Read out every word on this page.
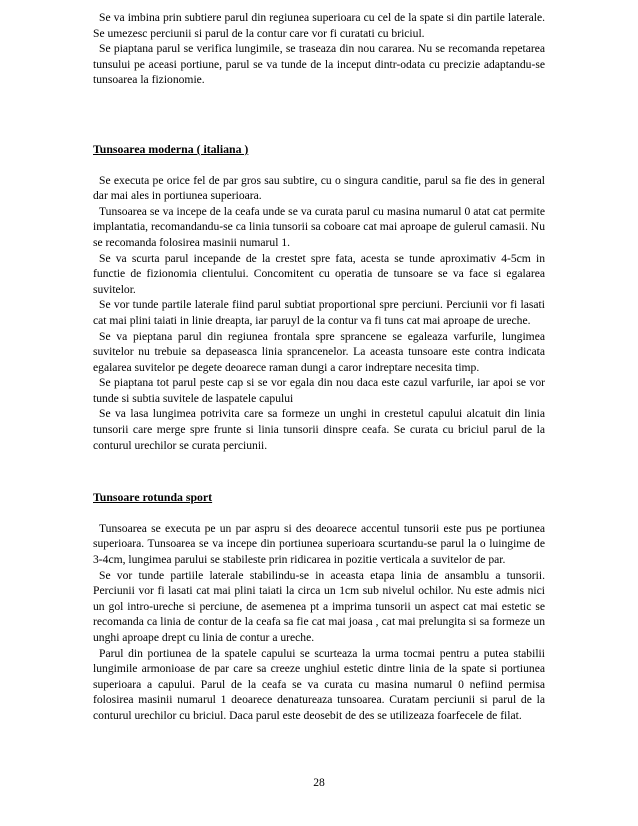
Se va imbina prin subtiere parul din regiunea superioara cu cel de la spate si din partile laterale. Se umezesc perciunii si parul de la contur care vor fi curatati cu briciul.

Se piaptana parul se verifica lungimile, se traseaza din nou cararea. Nu se recomanda repetarea tunsului pe aceasi portiune, parul se va tunde de la inceput dintr-odata cu precizie adaptandu-se tunsoarea la fizionomie.

Tunsoarea moderna ( italiana )

Se executa pe orice fel de par gros sau subtire, cu o singura canditie, parul sa fie des in general dar mai ales in portiunea superioara.

Tunsoarea se va incepe de la ceafa unde se va curata parul cu masina numarul 0 atat cat permite implantatia, recomandandu-se ca linia tunsorii sa coboare cat mai aproape de gulerul camasii. Nu se recomanda folosirea masinii numarul 1.

Se va scurta parul incepande de la crestet spre fata, acesta se tunde aproximativ 4-5cm in functie de fizionomia clientului. Concomitent cu operatia de tunsoare se va face si egalarea suvitelor.

Se vor tunde partile laterale fiind parul subtiat proportional spre perciuni. Perciunii vor fi lasati cat mai plini taiati in linie dreapta, iar paruyl de la contur va fi tuns cat mai aproape de ureche.

Se va pieptana parul din regiunea frontala spre sprancene se egaleaza varfurile, lungimea suvitelor nu trebuie sa depaseasca linia sprancenelor. La aceasta tunsoare este contra indicata egalarea suvitelor pe degete deoarece raman dungi a caror indreptare necesita timp.

Se piaptana tot parul peste cap si se vor egala din nou daca este cazul varfurile, iar apoi se vor tunde si subtia suvitele de laspatele capului

Se va lasa lungimea potrivita care sa formeze un unghi in crestetul capului alcatuit din linia tunsorii care merge spre frunte si linia tunsorii dinspre ceafa. Se curata cu briciul parul de la conturul urechilor se curata perciunii.

Tunsoare rotunda sport

Tunsoarea se executa pe un par aspru si des deoarece accentul tunsorii este pus pe portiunea superioara. Tunsoarea se va incepe din portiunea superioara scurtandu-se parul la o luingime de 3-4cm, lungimea parului se stabileste prin ridicarea in pozitie verticala a suvitelor de par.

Se vor tunde partiile laterale stabilindu-se in aceasta etapa linia de ansamblu a tunsorii. Perciunii vor fi lasati cat mai plini taiati la circa un 1cm sub nivelul ochilor. Nu este admis nici un gol intro-ureche si perciune, de asemenea pt a imprima tunsorii un aspect cat mai estetic se recomanda ca linia de contur de la ceafa sa fie cat mai joasa , cat mai prelungita si sa formeze un unghi aproape drept cu linia de contur a ureche.

Parul din portiunea de la spatele capului se scurteaza la urma tocmai pentru a putea stabilii lungimile armonioase de par care sa creeze unghiul estetic dintre linia de la spate si portiunea superioara a capului. Parul de la ceafa se va curata cu masina numarul 0 nefiind permisa folosirea masinii numarul 1 deoarece denatureaza tunsoarea. Curatam perciunii si parul de la conturul urechilor cu briciul. Daca parul este deosebit de des se utilizeaza foarfecele de filat.

28
